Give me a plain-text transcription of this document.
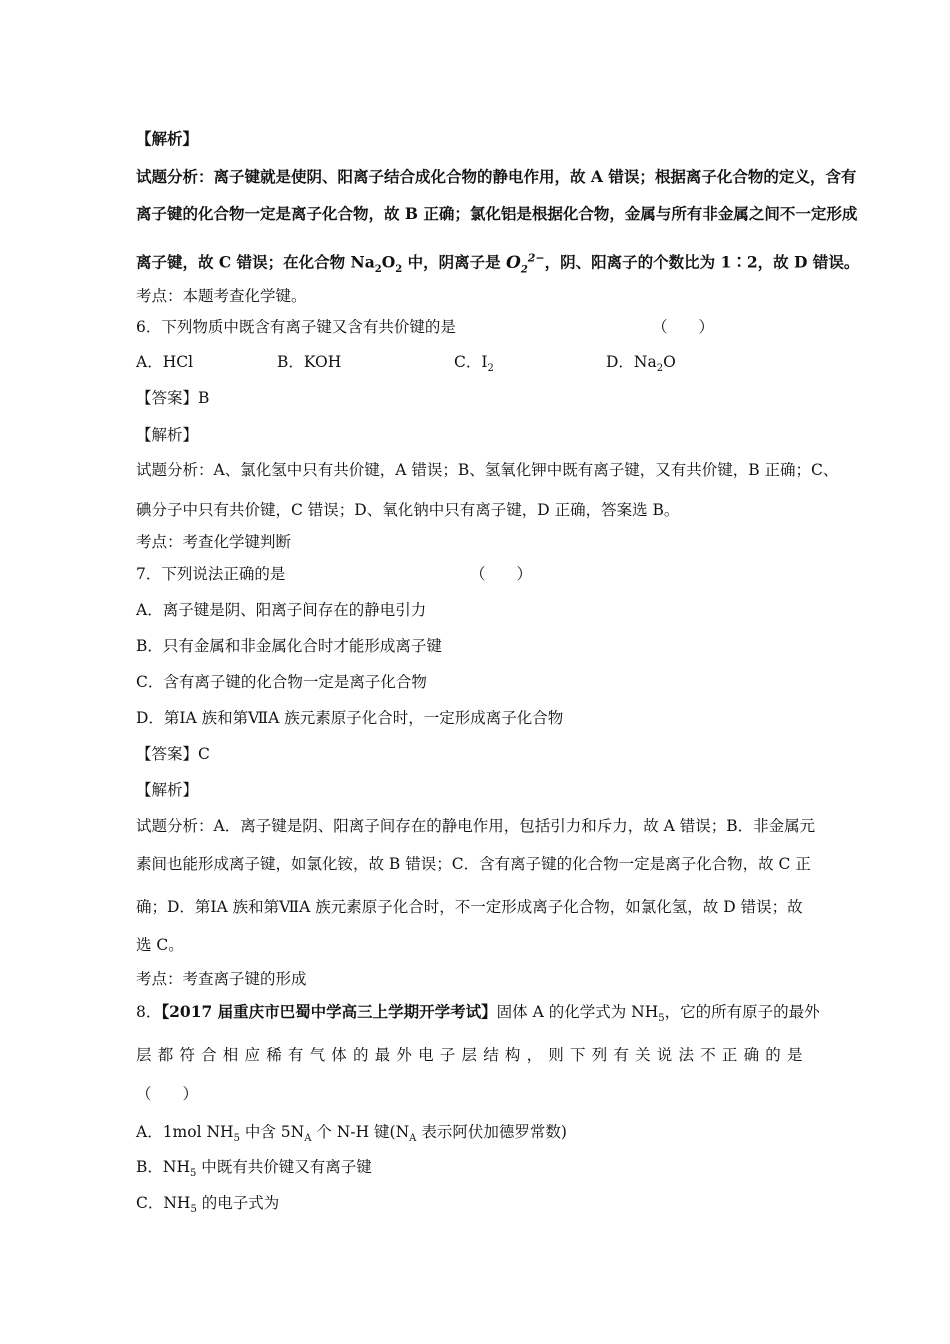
【解析】
试题分析：离子键就是使阴、阳离子结合成化合物的静电作用，故 A 错误；根据离子化合物的定义，含有
离子键的化合物一定是离子化合物，故 B 正确；氯化铝是根据化合物，金属与所有非金属之间不一定形成
离子键，故 C 错误；在化合物 $Na_2O_2$ 中，阴离子是 $O_2^{2-}$，阴、阳离子的个数比为 1∶2，故 D 错误。
考点：本题考查化学键。
6．下列物质中既含有离子键又含有共价键的是	（　　）
A．HCl	B．KOH	C．$I_2$	D．$Na_2O$
【答案】B
【解析】
试题分析：A、氯化氢中只有共价键，A 错误；B、氢氧化钾中既有离子键，又有共价键，B 正确；C、
碘分子中只有共价键，C 错误；D、氧化钠中只有离子键，D 正确，答案选 B。
考点：考查化学键判断
7．下列说法正确的是	（　　）
A．离子键是阴、阳离子间存在的静电引力
B．只有金属和非金属化合时才能形成离子键
C．含有离子键的化合物一定是离子化合物
D．第ⅠA 族和第ⅦA 族元素原子化合时，一定形成离子化合物
【答案】C
【解析】
试题分析：A．离子键是阴、阳离子间存在的静电作用，包括引力和斥力，故 A 错误；B．非金属元
素间也能形成离子键，如氯化铵，故 B 错误；C．含有离子键的化合物一定是离子化合物，故 C 正
确；D．第ⅠA 族和第ⅦA 族元素原子化合时，不一定形成离子化合物，如氯化氢，故 D 错误；故
选 C。
考点：考查离子键的形成
8．【2017 届重庆市巴蜀中学高三上学期开学考试】固体 A 的化学式为 $NH_5$，它的所有原子的最外
层都符合相应稀有气体的最外电子层结构，则下列有关说法不正确的是
（　　）
A．1mol $NH_5$ 中含 $5N_A$ 个 N-H 键($N_A$ 表示阿伏加德罗常数)
B．$NH_5$ 中既有共价键又有离子键
C．$NH_5$ 的电子式为
